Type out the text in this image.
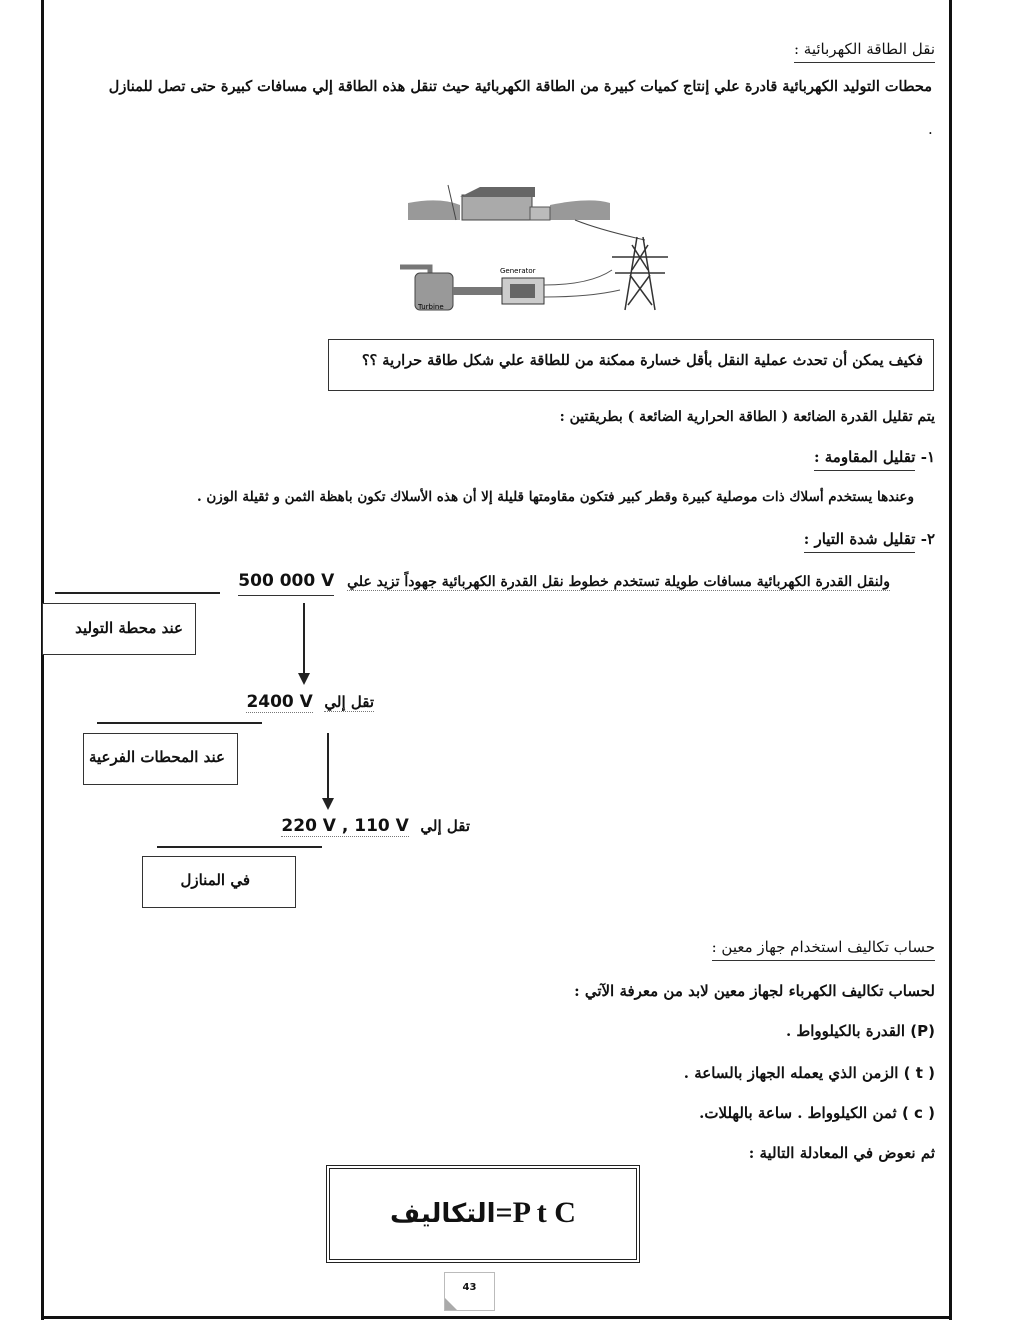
نقل الطاقة الكهربائية :
محطات التوليد الكهربائية قادرة علي إنتاج كميات كبيرة من الطاقة الكهربائية حيث تنقل هذه الطاقة إلي مسافات كبيرة حتى تصل للمنازل
.
Generator
Turbine
فكيف يمكن أن تحدث عملية النقل بأقل خسارة ممكنة من للطاقة علي شكل طاقة حرارية ؟؟
يتم تقليل القدرة الضائعة ( الطاقة الحرارية الضائعة ) بطريقتين :
١- تقليل المقاومة :
وعندها يستخدم أسلاك ذات موصلية كبيرة وقطر كبير فتكون مقاومتها قليلة إلا أن هذه الأسلاك تكون باهظة الثمن و ثقيلة الوزن .
٢- تقليل شدة التيار :
ولنقل القدرة الكهربائية مسافات طويلة تستخدم خطوط نقل القدرة الكهربائية جهوداً تزيد علي 500 000 V
عند محطة التوليد
تقل إلي 2400 V
عند المحطات الفرعية
تقل إلي 220 V , 110 V
في المنازل
حساب تكاليف استخدام جهاز معين :
لحساب تكاليف الكهرباء لجهاز معين لابد من معرفة الآتي :
(P) القدرة بالكيلوواط .
( t ) الزمن الذي يعمله الجهاز بالساعة .
( c ) ثمن الكيلوواط . ساعة بالهللات.
ثم نعوض في المعادلة التالية :
التكاليف=P t C
43
